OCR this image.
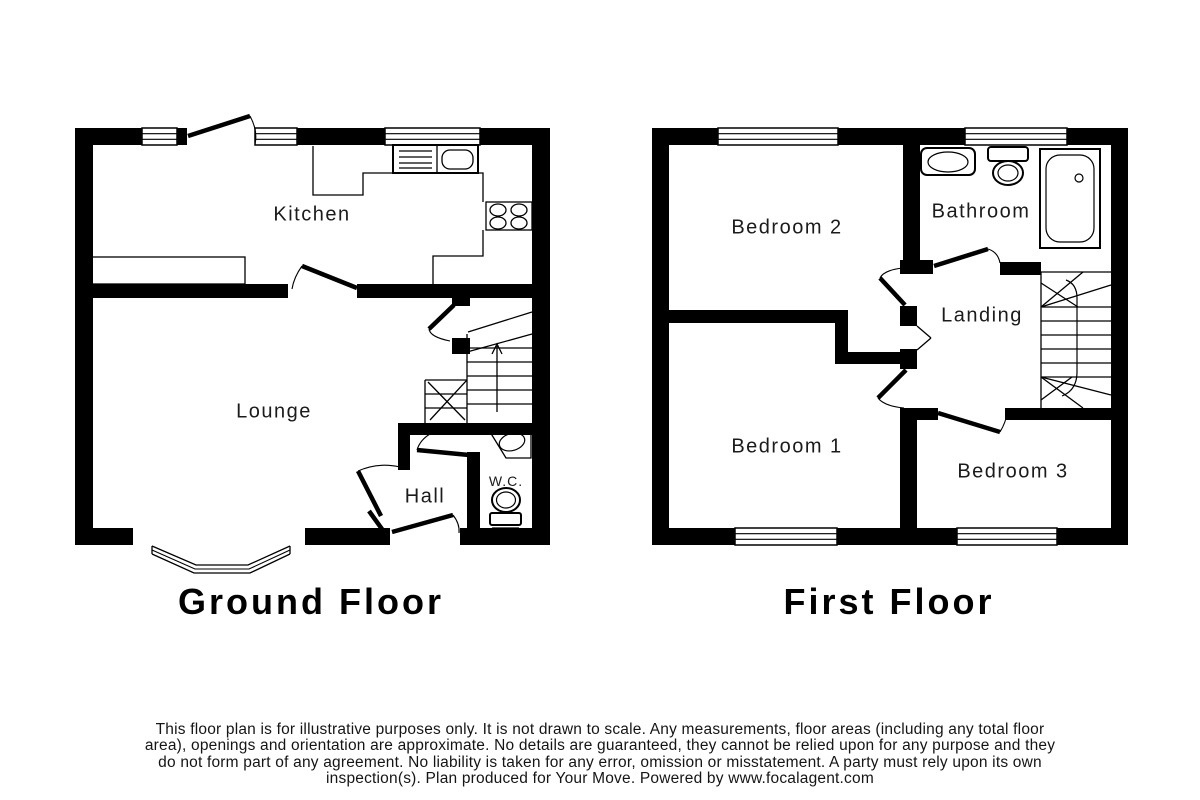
Kitchen
Lounge
Hall
W.C.
Bedroom 2
Bathroom
Landing
Bedroom 1
Bedroom 3
Ground Floor	First Floor
This floor plan is for illustrative purposes only. It is not drawn to scale. Any measurements, floor areas (including any total floor
area), openings and orientation are approximate. No details are guaranteed, they cannot be relied upon for any purpose and they
do not form part of any agreement. No liability is taken for any error, omission or misstatement. A party must rely upon its own
inspection(s). Plan produced for Your Move. Powered by www.focalagent.com
